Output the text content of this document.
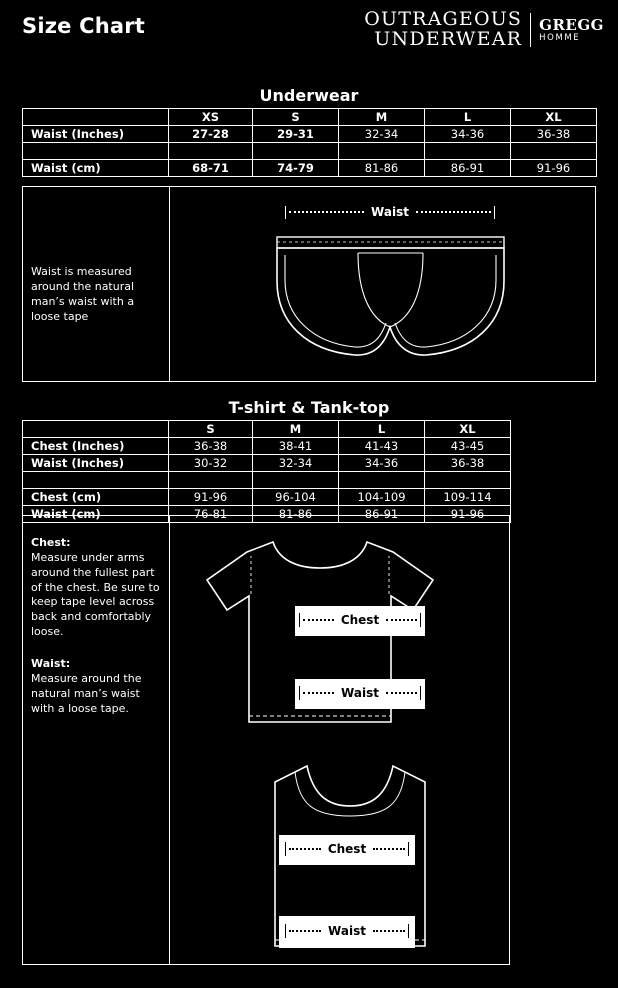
Size Chart	OUTRAGEOUS
UNDERWEAR
GREGG
HOMME
Underwear
	XS	S	M	L	XL
Waist (Inches)	27-28	29-31	32-34	34-36	36-38

Waist (cm)	68-71	74-79	81-86	86-91	91-96
Waist is measured around the natural man’s waist with a loose tape
Waist
T-shirt & Tank-top
	S	M	L	XL
Chest (Inches)	36-38	38-41	41-43	43-45
Waist (Inches)	30-32	32-34	34-36	36-38

Chest (cm)	91-96	96-104	104-109	109-114
Waist (cm)	76-81	81-86	86-91	91-96
Chest:
Measure under arms around the fullest part of the chest. Be sure to keep tape level across back and comfortably loose.
Waist:
Measure around the natural man’s waist with a loose tape.
Chest
Waist
Chest
Waist
